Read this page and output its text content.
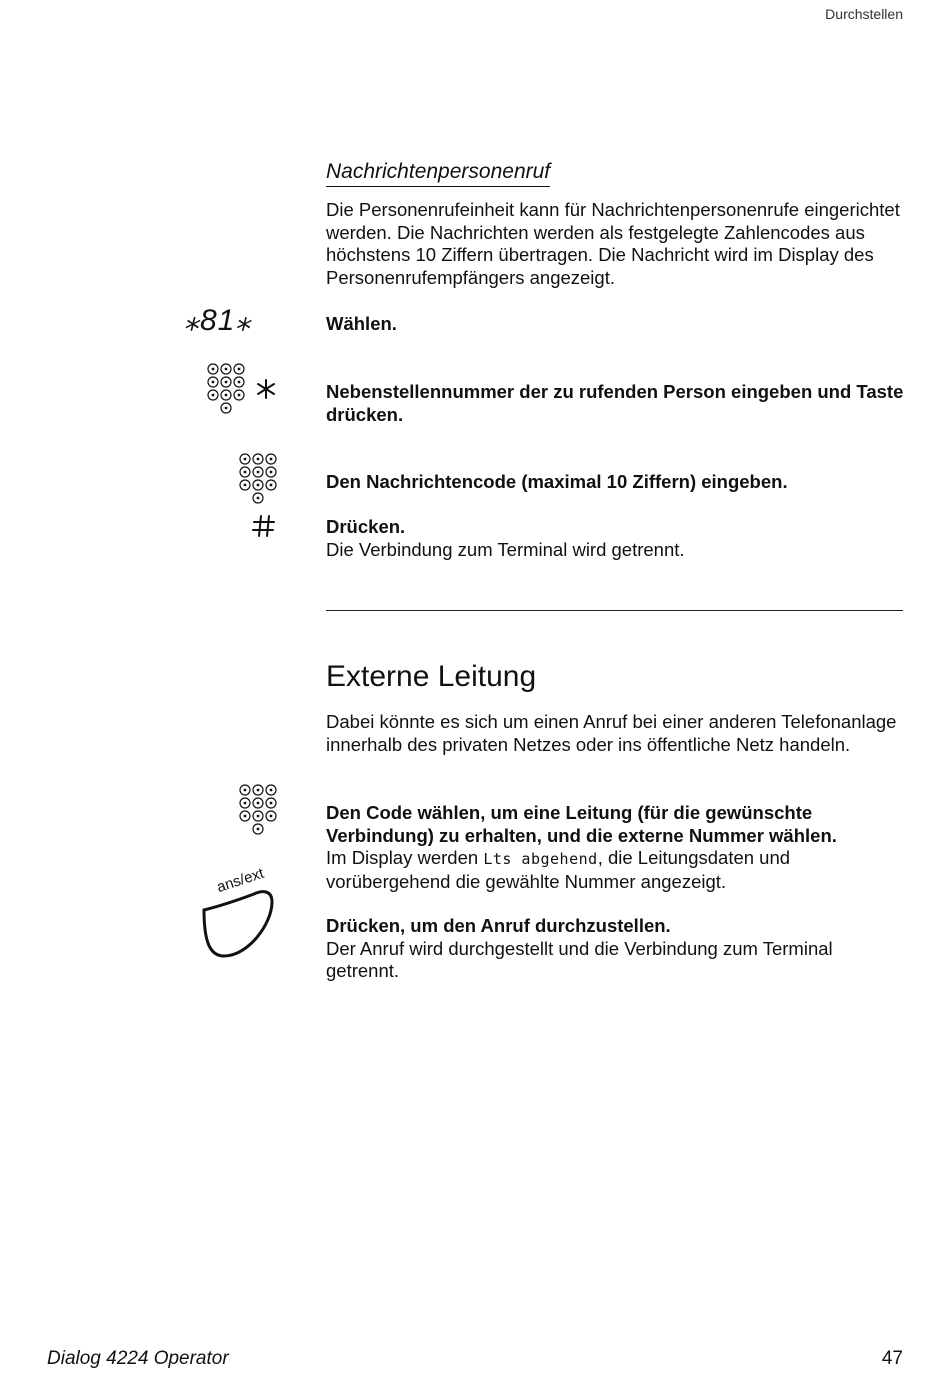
Durchstellen
Nachrichtenpersonenruf
Die Personenrufeinheit kann für Nachrichtenpersonenrufe eingerichtet werden. Die Nachrichten werden als festgelegte Zahlencodes aus höchstens 10 Ziffern übertragen. Die Nachricht wird im Display des Personenrufempfängers angezeigt.
⁎81⁎	Wählen.
Nebenstellennummer der zu rufenden Person eingeben und Taste drücken.
Den Nachrichtencode (maximal 10 Ziffern) eingeben.
Drücken.
Die Verbindung zum Terminal wird getrennt.
Externe Leitung
Dabei könnte es sich um einen Anruf bei einer anderen Telefonanlage innerhalb des privaten Netzes oder ins öffentliche Netz handeln.
Den Code wählen, um eine Leitung (für die gewünschte Verbindung) zu erhalten, und die externe Nummer wählen.
Im Display werden Lts abgehend, die Leitungsdaten und vorübergehend die gewählte Nummer angezeigt.
ans/ext
Drücken, um den Anruf durchzustellen.
Der Anruf wird durchgestellt und die Verbindung zum Terminal getrennt.
Dialog 4224 Operator	47
